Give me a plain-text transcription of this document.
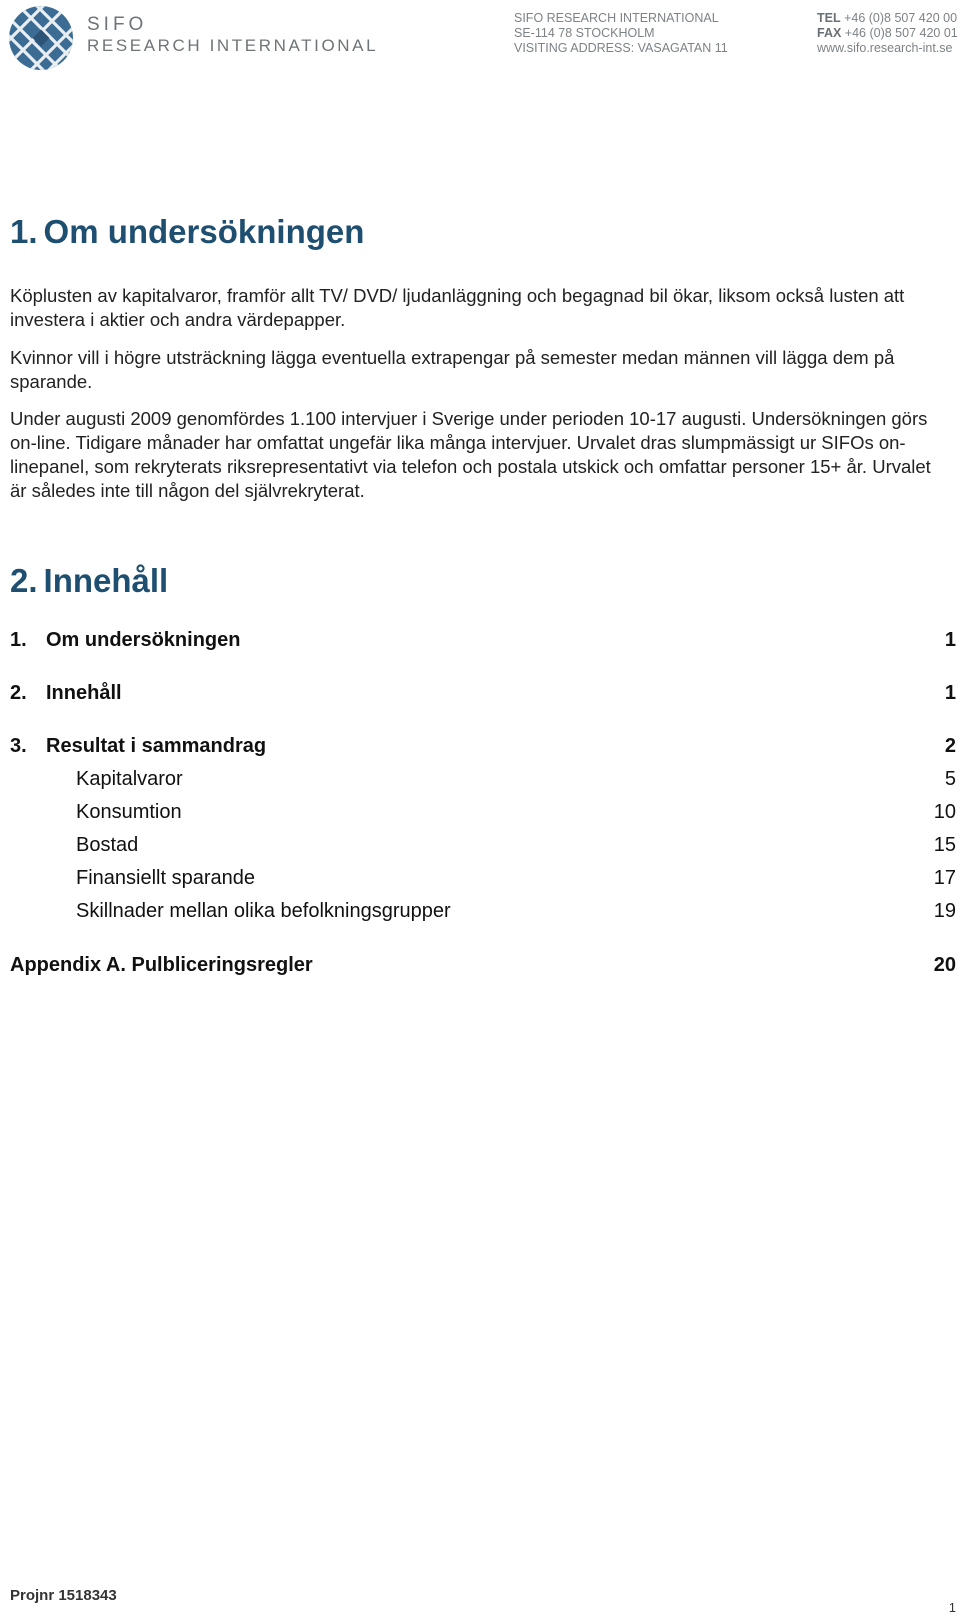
SIFO
RESEARCH INTERNATIONAL
SIFO RESEARCH INTERNATIONAL
SE-114 78 STOCKHOLM
VISITING ADDRESS: VASAGATAN 11
TEL +46 (0)8 507 420 00
FAX +46 (0)8 507 420 01
www.sifo.research-int.se
1. Om undersökningen
Köplusten av kapitalvaror, framför allt TV/ DVD/ ljudanläggning och begagnad bil ökar, liksom också lusten att investera i aktier och andra värdepapper.
Kvinnor vill i högre utsträckning lägga eventuella extrapengar på semester medan männen vill lägga dem på sparande.
Under augusti 2009 genomfördes 1.100 intervjuer i Sverige under perioden 10-17 augusti. Undersökningen görs on-line. Tidigare månader har omfattat ungefär lika många intervjuer. Urvalet dras slumpmässigt ur SIFOs on-linepanel, som rekryterats riksrepresentativt via telefon och postala utskick och omfattar personer 15+ år. Urvalet är således inte till någon del självrekryterat.
2. Innehåll
1. Om undersökningen	1
2. Innehåll	1
3. Resultat i sammandrag	2
Kapitalvaror	5
Konsumtion	10
Bostad	15
Finansiellt sparande	17
Skillnader mellan olika befolkningsgrupper	19
Appendix A. Pulbliceringsregler	20
Projnr 1518343
1
